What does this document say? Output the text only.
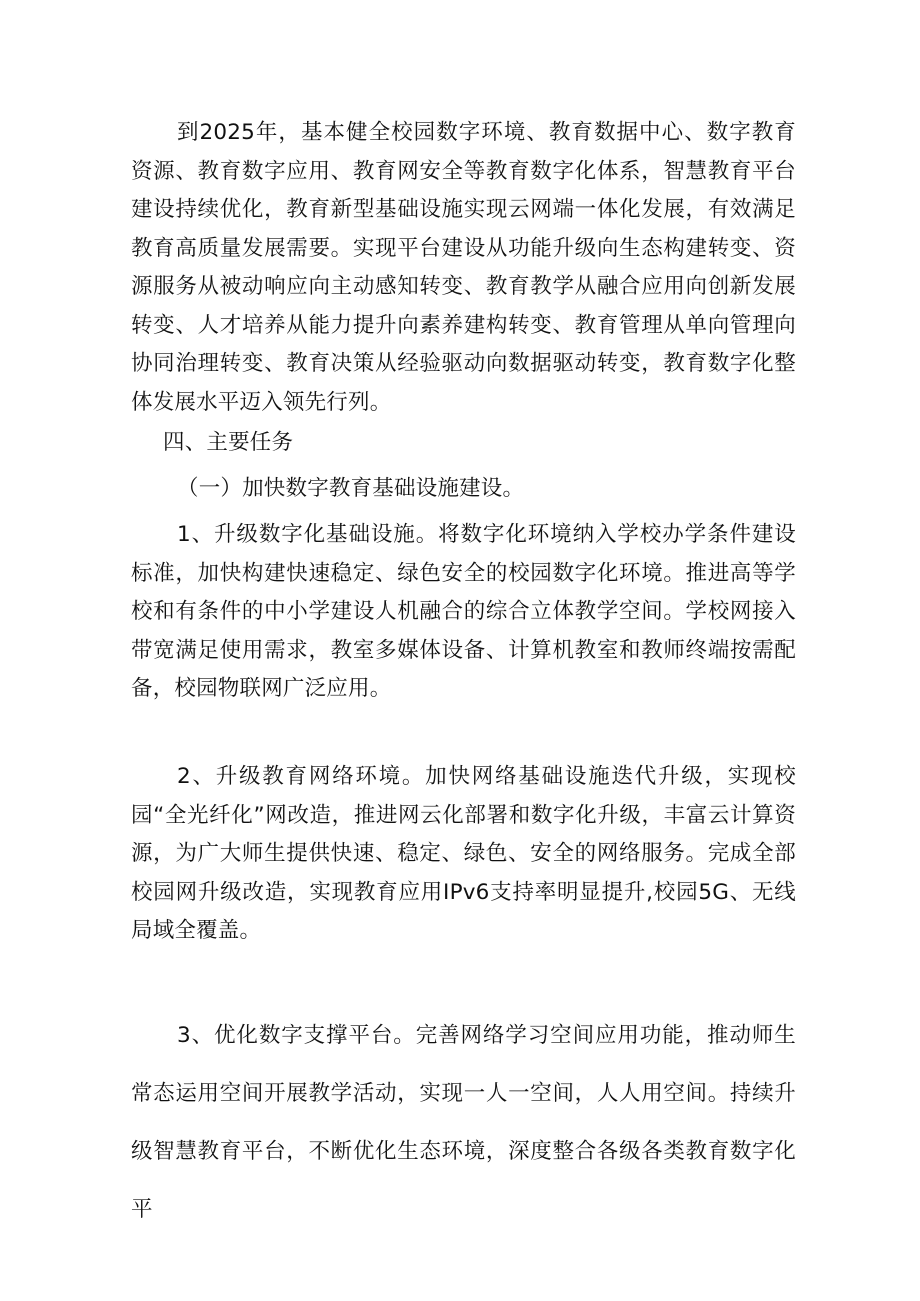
到2025年，基本健全校园数字环境、教育数据中心、数字教育资源、教育数字应用、教育网安全等教育数字化体系，智慧教育平台建设持续优化，教育新型基础设施实现云网端一体化发展，有效满足教育高质量发展需要。实现平台建设从功能升级向生态构建转变、资源服务从被动响应向主动感知转变、教育教学从融合应用向创新发展转变、人才培养从能力提升向素养建构转变、教育管理从单向管理向协同治理转变、教育决策从经验驱动向数据驱动转变，教育数字化整体发展水平迈入领先行列。

四、主要任务

（一）加快数字教育基础设施建设。

1、升级数字化基础设施。将数字化环境纳入学校办学条件建设标准，加快构建快速稳定、绿色安全的校园数字化环境。推进高等学校和有条件的中小学建设人机融合的综合立体教学空间。学校网接入带宽满足使用需求，教室多媒体设备、计算机教室和教师终端按需配备，校园物联网广泛应用。

2、升级教育网络环境。加快网络基础设施迭代升级，实现校园“全光纤化”网改造，推进网云化部署和数字化升级，丰富云计算资源，为广大师生提供快速、稳定、绿色、安全的网络服务。完成全部校园网升级改造，实现教育应用IPv6支持率明显提升,校园5G、无线局域全覆盖。

3、优化数字支撑平台。完善网络学习空间应用功能，推动师生常态运用空间开展教学活动，实现一人一空间，人人用空间。持续升级智慧教育平台，不断优化生态环境，深度整合各级各类教育数字化平
